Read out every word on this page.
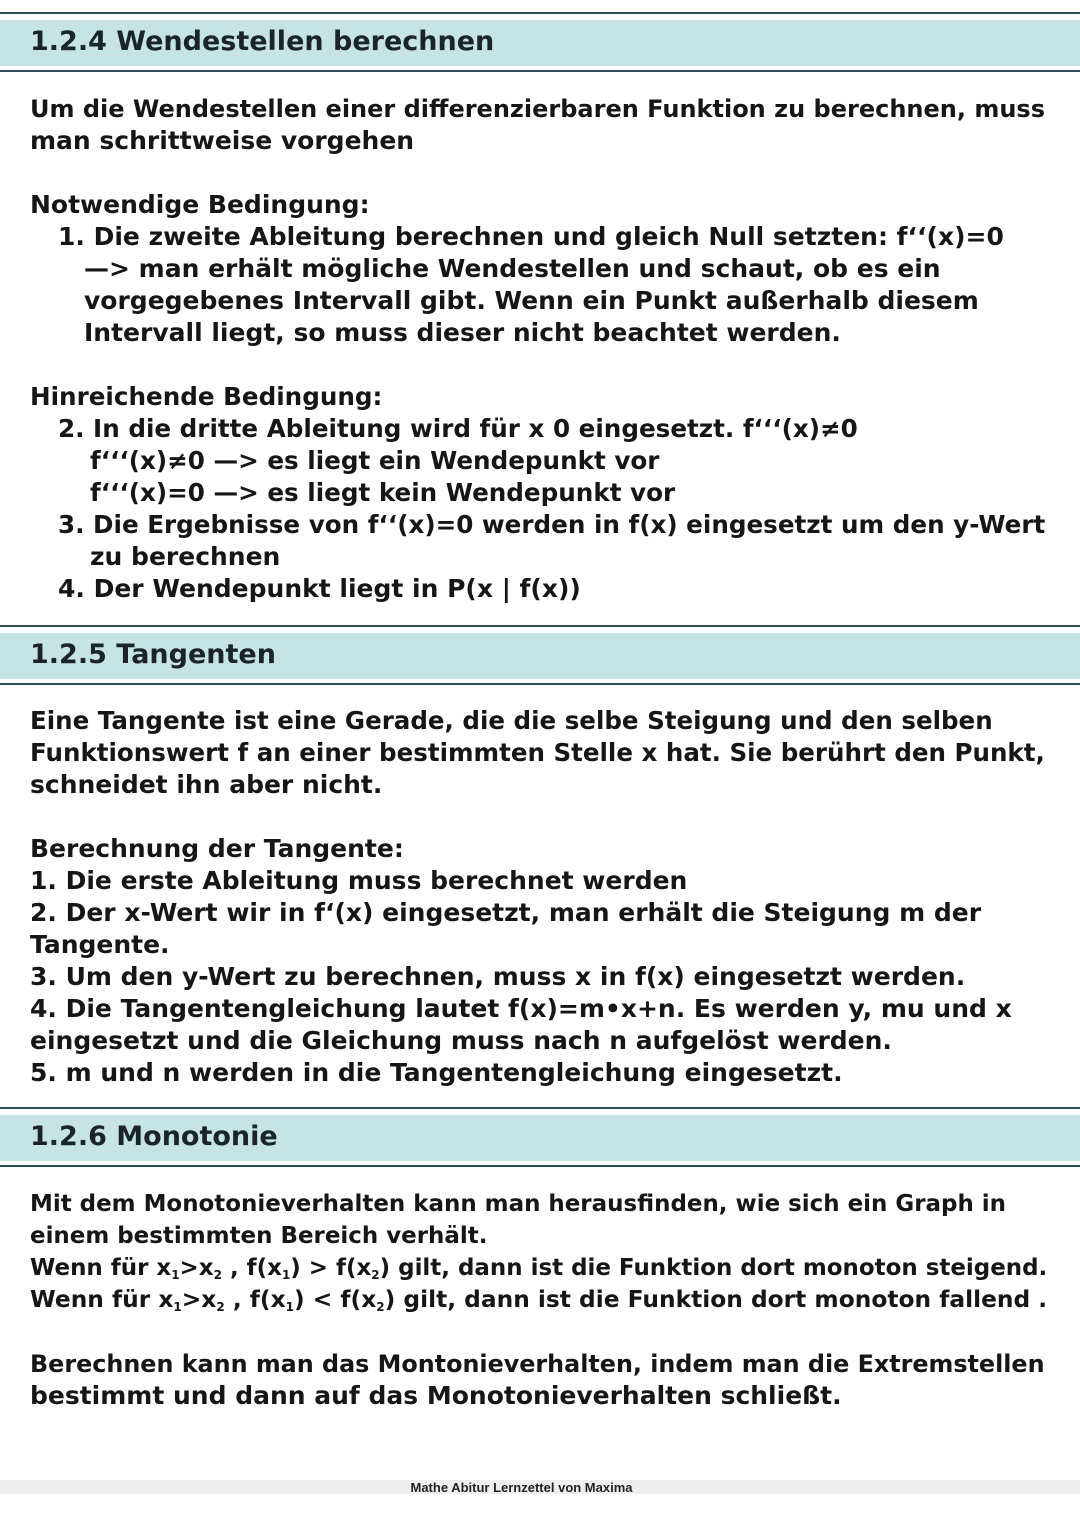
1.2.4 Wendestellen berechnen
Um die Wendestellen einer differenzierbaren Funktion zu berechnen, muss
man schrittweise vorgehen
Notwendige Bedingung:
1. Die zweite Ableitung berechnen und gleich Null setzten: f‘‘(x)=0
—> man erhält mögliche Wendestellen und schaut, ob es ein
vorgegebenes Intervall gibt. Wenn ein Punkt außerhalb diesem
Intervall liegt, so muss dieser nicht beachtet werden.
Hinreichende Bedingung:
2. In die dritte Ableitung wird für x 0 eingesetzt. f‘‘‘(x)≠0
f‘‘‘(x)≠0 —> es liegt ein Wendepunkt vor
f‘‘‘(x)=0 —> es liegt kein Wendepunkt vor
3. Die Ergebnisse von f‘‘(x)=0 werden in f(x) eingesetzt um den y-Wert
zu berechnen
4. Der Wendepunkt liegt in P(x | f(x))
1.2.5 Tangenten
Eine Tangente ist eine Gerade, die die selbe Steigung und den selben
Funktionswert f an einer bestimmten Stelle x hat. Sie berührt den Punkt,
schneidet ihn aber nicht.
Berechnung der Tangente:
1. Die erste Ableitung muss berechnet werden
2. Der x-Wert wir in f‘(x) eingesetzt, man erhält die Steigung m der
Tangente.
3. Um den y-Wert zu berechnen, muss x in f(x) eingesetzt werden.
4. Die Tangentengleichung lautet f(x)=m•x+n. Es werden y, mu und x
eingesetzt und die Gleichung muss nach n aufgelöst werden.
5. m und n werden in die Tangentengleichung eingesetzt.
1.2.6 Monotonie
Mit dem Monotonieverhalten kann man herausfinden, wie sich ein Graph in
einem bestimmten Bereich verhält.
Wenn für $x_1>x_2$ , $f(x_1) > f(x_2)$ gilt, dann ist die Funktion dort monoton steigend.
Wenn für $x_1>x_2$ , $f(x_1) < f(x_2)$ gilt, dann ist die Funktion dort monoton fallend .
Berechnen kann man das Montonieverhalten, indem man die Extremstellen
bestimmt und dann auf das Monotonieverhalten schließt.
Mathe Abitur Lernzettel von Maxima
